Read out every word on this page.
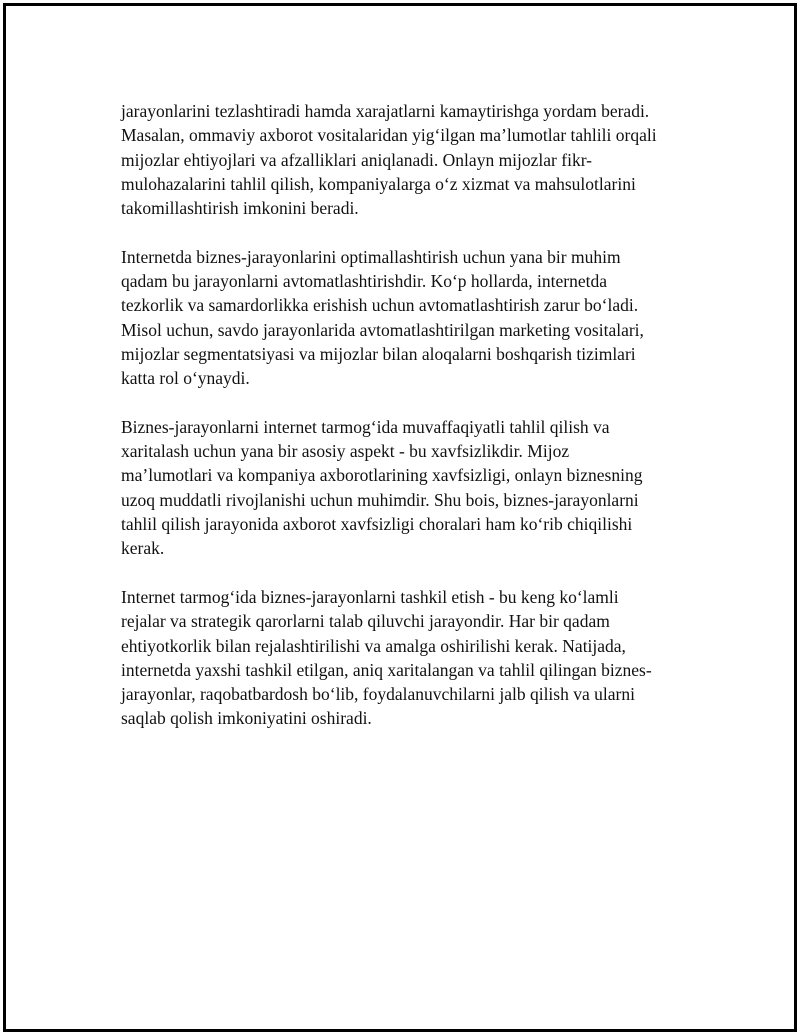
jarayonlarini tezlashtiradi hamda xarajatlarni kamaytirishga yordam beradi.
Masalan, ommaviy axborot vositalaridan yig‘ilgan ma’lumotlar tahlili orqali
mijozlar ehtiyojlari va afzalliklari aniqlanadi. Onlayn mijozlar fikr-
mulohazalarini tahlil qilish, kompaniyalarga o‘z xizmat va mahsulotlarini
takomillashtirish imkonini beradi.

Internetda biznes-jarayonlarini optimallashtirish uchun yana bir muhim
qadam bu jarayonlarni avtomatlashtirishdir. Ko‘p hollarda, internetda
tezkorlik va samardorlikka erishish uchun avtomatlashtirish zarur bo‘ladi.
Misol uchun, savdo jarayonlarida avtomatlashtirilgan marketing vositalari,
mijozlar segmentatsiyasi va mijozlar bilan aloqalarni boshqarish tizimlari
katta rol o‘ynaydi.

Biznes-jarayonlarni internet tarmog‘ida muvaffaqiyatli tahlil qilish va
xaritalash uchun yana bir asosiy aspekt - bu xavfsizlikdir. Mijoz
ma’lumotlari va kompaniya axborotlarining xavfsizligi, onlayn biznesning
uzoq muddatli rivojlanishi uchun muhimdir. Shu bois, biznes-jarayonlarni
tahlil qilish jarayonida axborot xavfsizligi choralari ham ko‘rib chiqilishi
kerak.

Internet tarmog‘ida biznes-jarayonlarni tashkil etish - bu keng ko‘lamli
rejalar va strategik qarorlarni talab qiluvchi jarayondir. Har bir qadam
ehtiyotkorlik bilan rejalashtirilishi va amalga oshirilishi kerak. Natijada,
internetda yaxshi tashkil etilgan, aniq xaritalangan va tahlil qilingan biznes-
jarayonlar, raqobatbardosh bo‘lib, foydalanuvchilarni jalb qilish va ularni
saqlab qolish imkoniyatini oshiradi.
